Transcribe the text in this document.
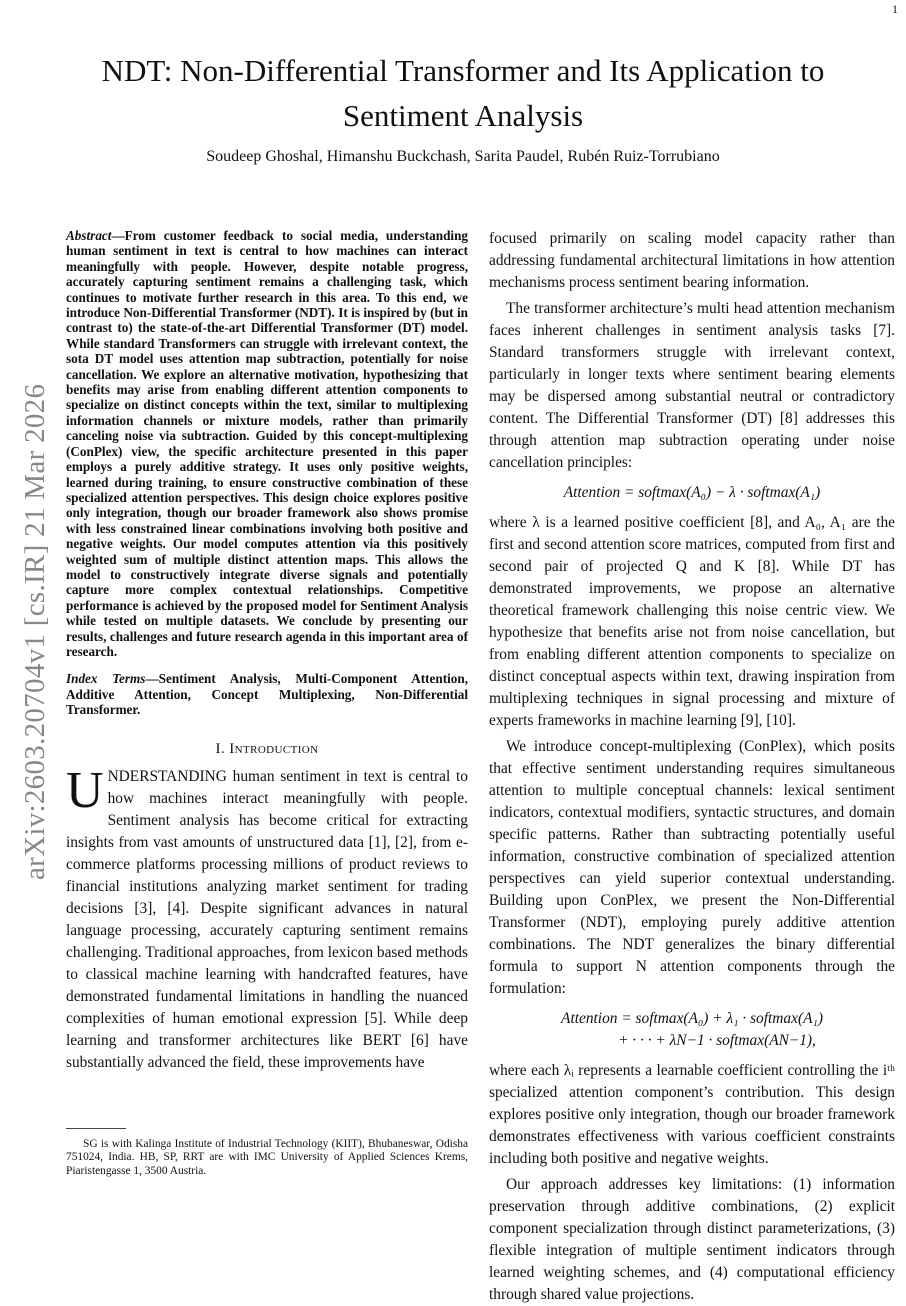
1
arXiv:2603.20704v1 [cs.IR] 21 Mar 2026
NDT: Non-Differential Transformer and Its Application to Sentiment Analysis
Soudeep Ghoshal, Himanshu Buckchash, Sarita Paudel, Rubén Ruiz-Torrubiano

Abstract—From customer feedback to social media, understanding human sentiment in text is central to how machines can interact meaningfully with people. However, despite notable progress, accurately capturing sentiment remains a challenging task, which continues to motivate further research in this area. To this end, we introduce Non-Differential Transformer (NDT). It is inspired by (but in contrast to) the state-of-the-art Differential Transformer (DT) model. While standard Transformers can struggle with irrelevant context, the sota DT model uses attention map subtraction, potentially for noise cancellation. We explore an alternative motivation, hypothesizing that benefits may arise from enabling different attention components to specialize on distinct concepts within the text, similar to multiplexing information channels or mixture models, rather than primarily canceling noise via subtraction. Guided by this concept-multiplexing (ConPlex) view, the specific architecture presented in this paper employs a purely additive strategy. It uses only positive weights, learned during training, to ensure constructive combination of these specialized attention perspectives. This design choice explores positive only integration, though our broader framework also shows promise with less constrained linear combinations involving both positive and negative weights. Our model computes attention via this positively weighted sum of multiple distinct attention maps. This allows the model to constructively integrate diverse signals and potentially capture more complex contextual relationships. Competitive performance is achieved by the proposed model for Sentiment Analysis while tested on multiple datasets. We conclude by presenting our results, challenges and future research agenda in this important area of research.

Index Terms—Sentiment Analysis, Multi-Component Attention, Additive Attention, Concept Multiplexing, Non-Differential Transformer.

I. Introduction

UNDERSTANDING human sentiment in text is central to how machines interact meaningfully with people. Sentiment analysis has become critical for extracting insights from vast amounts of unstructured data [1], [2], from e-commerce platforms processing millions of product reviews to financial institutions analyzing market sentiment for trading decisions [3], [4]. Despite significant advances in natural language processing, accurately capturing sentiment remains challenging. Traditional approaches, from lexicon based methods to classical machine learning with handcrafted features, have demonstrated fundamental limitations in handling the nuanced complexities of human emotional expression [5]. While deep learning and transformer architectures like BERT [6] have substantially advanced the field, these improvements have

SG is with Kalinga Institute of Industrial Technology (KIIT), Bhubaneswar, Odisha 751024, India. HB, SP, RRT are with IMC University of Applied Sciences Krems, Piaristengasse 1, 3500 Austria.

focused primarily on scaling model capacity rather than addressing fundamental architectural limitations in how attention mechanisms process sentiment bearing information.

The transformer architecture’s multi head attention mechanism faces inherent challenges in sentiment analysis tasks [7]. Standard transformers struggle with irrelevant context, particularly in longer texts where sentiment bearing elements may be dispersed among substantial neutral or contradictory content. The Differential Transformer (DT) [8] addresses this through attention map subtraction operating under noise cancellation principles:

Attention = softmax(A₀) − λ · softmax(A₁)

where λ is a learned positive coefficient [8], and A₀, A₁ are the first and second attention score matrices, computed from first and second pair of projected Q and K [8]. While DT has demonstrated improvements, we propose an alternative theoretical framework challenging this noise centric view. We hypothesize that benefits arise not from noise cancellation, but from enabling different attention components to specialize on distinct conceptual aspects within text, drawing inspiration from multiplexing techniques in signal processing and mixture of experts frameworks in machine learning [9], [10].

We introduce concept-multiplexing (ConPlex), which posits that effective sentiment understanding requires simultaneous attention to multiple conceptual channels: lexical sentiment indicators, contextual modifiers, syntactic structures, and domain specific patterns. Rather than subtracting potentially useful information, constructive combination of specialized attention perspectives can yield superior contextual understanding. Building upon ConPlex, we present the Non-Differential Transformer (NDT), employing purely additive attention combinations. The NDT generalizes the binary differential formula to support N attention components through the formulation:

Attention = softmax(A₀) + λ₁ · softmax(A₁)
+ · · · + λN−1 · softmax(AN−1),

where each λᵢ represents a learnable coefficient controlling the iᵗʰ specialized attention component’s contribution. This design explores positive only integration, though our broader framework demonstrates effectiveness with various coefficient constraints including both positive and negative weights.

Our approach addresses key limitations: (1) information preservation through additive combinations, (2) explicit component specialization through distinct parameterizations, (3) flexible integration of multiple sentiment indicators through learned weighting schemes, and (4) computational efficiency through shared value projections.
